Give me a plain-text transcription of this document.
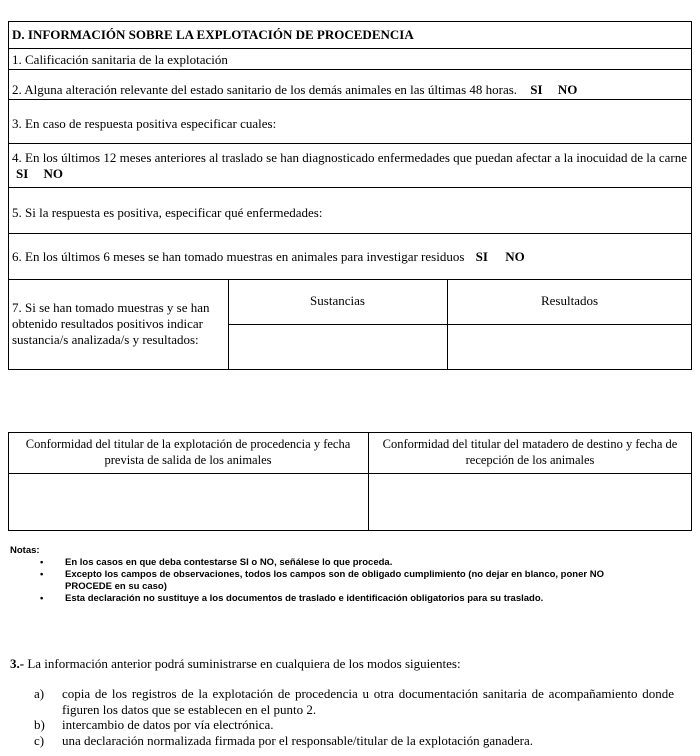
D. INFORMACIÓN SOBRE LA EXPLOTACIÓN DE PROCEDENCIA
1. Calificación sanitaria de la explotación
2. Alguna alteración relevante del estado sanitario de los demás animales en las últimas 48 horas. SI NO
3. En caso de respuesta positiva especificar cuales:
4. En los últimos 12 meses anteriores al traslado se han diagnosticado enfermedades que puedan afectar a la inocuidad de la carne SI NO
5. Si la respuesta es positiva, especificar qué enfermedades:
6. En los últimos 6 meses se han tomado muestras en animales para investigar residuos SI NO
7. Si se han tomado muestras y se han obtenido resultados positivos indicar sustancia/s analizada/s y resultados:
Sustancias	Resultados
Conformidad del titular de la explotación de procedencia y fecha prevista de salida de los animales
Conformidad del titular del matadero de destino y fecha de recepción de los animales
Notas:
• En los casos en que deba contestarse SI o NO, señálese lo que proceda.
• Excepto los campos de observaciones, todos los campos son de obligado cumplimiento (no dejar en blanco, poner NO PROCEDE en su caso)
• Esta declaración no sustituye a los documentos de traslado e identificación obligatorios para su traslado.
3.- La información anterior podrá suministrarse en cualquiera de los modos siguientes:
a)	copia de los registros de la explotación de procedencia u otra documentación sanitaria de acompañamiento donde figuren los datos que se establecen en el punto 2.
b)	intercambio de datos por vía electrónica.
c)	una declaración normalizada firmada por el responsable/titular de la explotación ganadera.
